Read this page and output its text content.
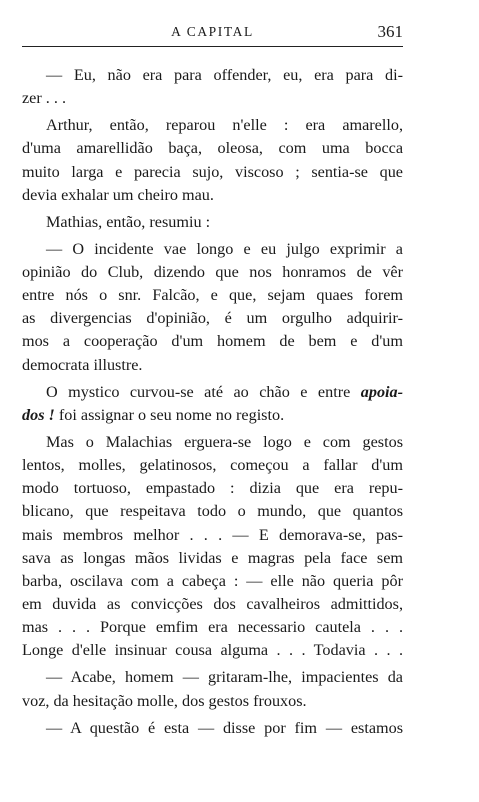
A CAPITAL	361
— Eu, não era para offender, eu, era para di-
zer . . .
Arthur, então, reparou n'elle : era amarello,
d'uma amarellidão baça, oleosa, com uma bocca
muito larga e parecia sujo, viscoso ; sentia-se que
devia exhalar um cheiro mau.
Mathias, então, resumiu :
— O incidente vae longo e eu julgo exprimir a
opinião do Club, dizendo que nos honramos de vêr
entre nós o snr. Falcão, e que, sejam quaes forem
as divergencias d'opinião, é um orgulho adquirir-
mos a cooperação d'um homem de bem e d'um
democrata illustre.
O mystico curvou-se até ao chão e entre apoia-
dos ! foi assignar o seu nome no registo.
Mas o Malachias erguera-se logo e com gestos
lentos, molles, gelatinosos, começou a fallar d'um
modo tortuoso, empastado : dizia que era repu-
blicano, que respeitava todo o mundo, que quantos
mais membros melhor . . . — E demorava-se, pas-
sava as longas mãos lividas e magras pela face sem
barba, oscilava com a cabeça : — elle não queria pôr
em duvida as convicções dos cavalheiros admittidos,
mas . . . Porque emfim era necessario cautela . . .
Longe d'elle insinuar cousa alguma . . . Todavia . . .
— Acabe, homem — gritaram-lhe, impacientes da
voz, da hesitação molle, dos gestos frouxos.
— A questão é esta — disse por fim — estamos
